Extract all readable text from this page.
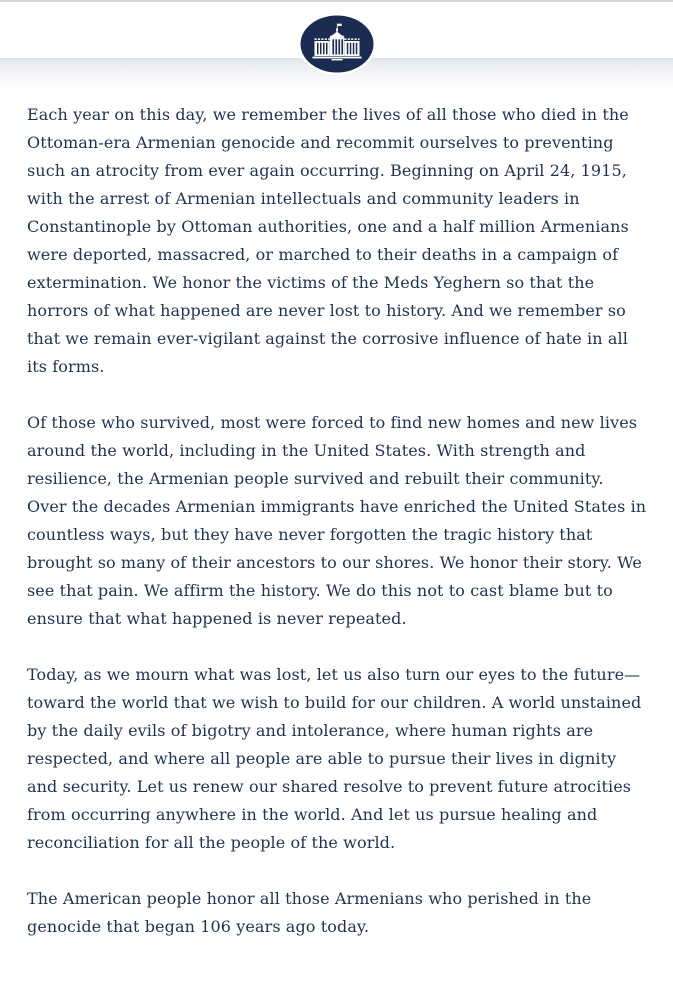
Each year on this day, we remember the lives of all those who died in the Ottoman-era Armenian genocide and recommit ourselves to preventing such an atrocity from ever again occurring. Beginning on April 24, 1915, with the arrest of Armenian intellectuals and community leaders in Constantinople by Ottoman authorities, one and a half million Armenians were deported, massacred, or marched to their deaths in a campaign of extermination. We honor the victims of the Meds Yeghern so that the horrors of what happened are never lost to history. And we remember so that we remain ever-vigilant against the corrosive influence of hate in all its forms.

Of those who survived, most were forced to find new homes and new lives around the world, including in the United States. With strength and resilience, the Armenian people survived and rebuilt their community. Over the decades Armenian immigrants have enriched the United States in countless ways, but they have never forgotten the tragic history that brought so many of their ancestors to our shores. We honor their story. We see that pain. We affirm the history. We do this not to cast blame but to ensure that what happened is never repeated.

Today, as we mourn what was lost, let us also turn our eyes to the future—toward the world that we wish to build for our children. A world unstained by the daily evils of bigotry and intolerance, where human rights are respected, and where all people are able to pursue their lives in dignity and security. Let us renew our shared resolve to prevent future atrocities from occurring anywhere in the world. And let us pursue healing and reconciliation for all the people of the world.

The American people honor all those Armenians who perished in the genocide that began 106 years ago today.
